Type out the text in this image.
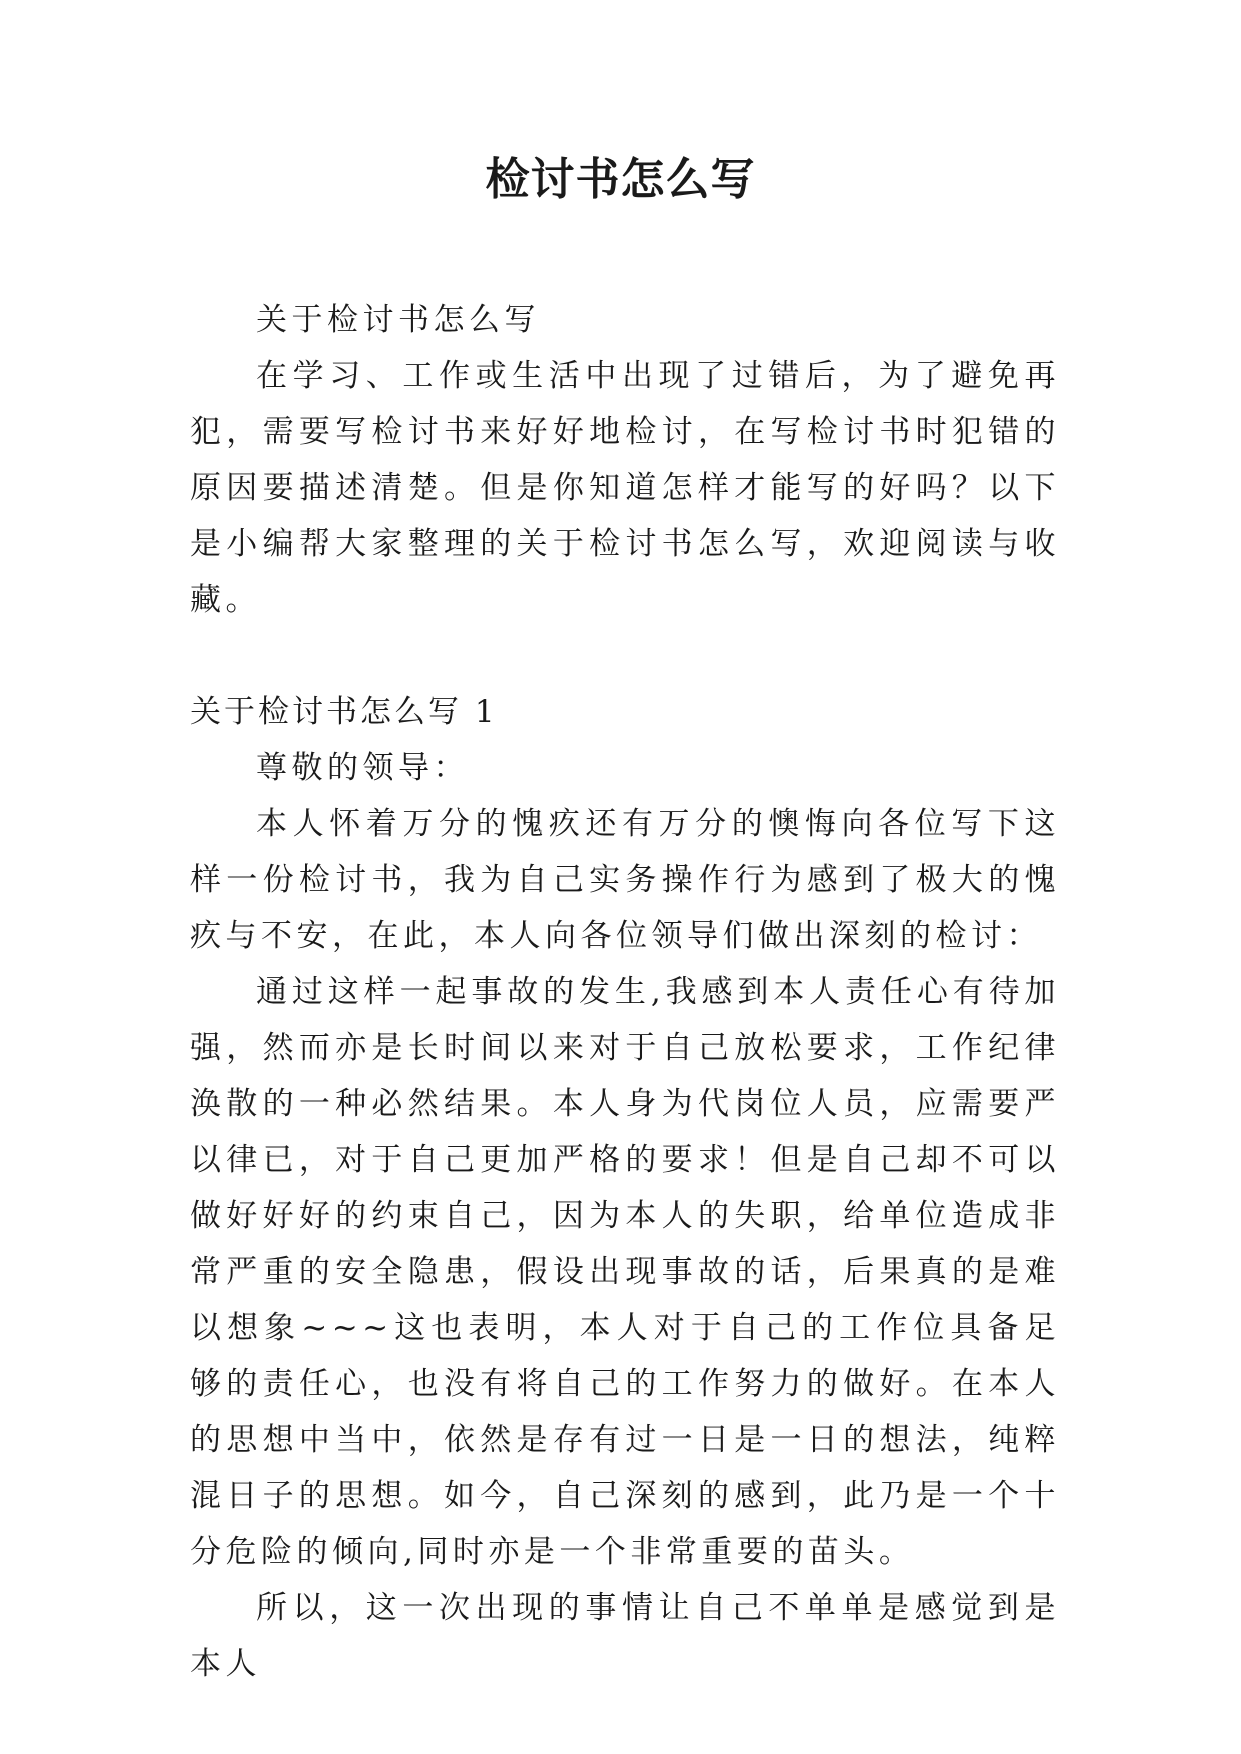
检讨书怎么写

关于检讨书怎么写

在学习、工作或生活中出现了过错后，为了避免再犯，需要写检讨书来好好地检讨，在写检讨书时犯错的原因要描述清楚。但是你知道怎样才能写的好吗？以下是小编帮大家整理的关于检讨书怎么写，欢迎阅读与收藏。

关于检讨书怎么写 1

尊敬的领导：

本人怀着万分的愧疚还有万分的懊悔向各位写下这样一份检讨书，我为自己实务操作行为感到了极大的愧疚与不安，在此，本人向各位领导们做出深刻的检讨：

通过这样一起事故的发生,我感到本人责任心有待加强，然而亦是长时间以来对于自己放松要求，工作纪律涣散的一种必然结果。本人身为代岗位人员，应需要严以律已，对于自己更加严格的要求！但是自己却不可以做好好好的约束自己，因为本人的失职，给单位造成非常严重的安全隐患，假设出现事故的话，后果真的是难以想象~~~这也表明，本人对于自己的工作位具备足够的责任心，也没有将自己的工作努力的做好。在本人的思想中当中，依然是存有过一日是一日的想法，纯粹混日子的思想。如今，自己深刻的感到，此乃是一个十分危险的倾向,同时亦是一个非常重要的苗头。

所以，这一次出现的事情让自己不单单是感觉到是本人
